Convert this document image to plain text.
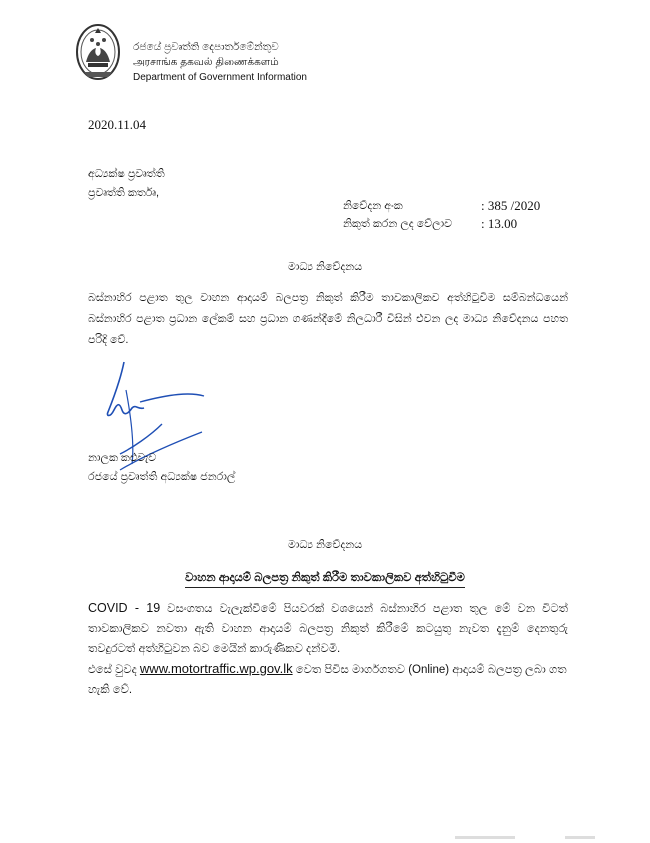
රජයේ ප්‍රවෘත්ති දෙපාර්තමේන්තුව
அரசாங்க தகவல் திணைக்களம்
Department of Government Information
2020.11.04
අධ්‍යක්ෂ ප්‍රවෘත්ති
ප්‍රවෘත්ති කර්තෘ,
නිවේදන අංක	: 385 /2020
නිකුත් කරන ලද වේලාව	: 13.00
මාධ්‍ය නිවේදනය
බස්නාහිර පළාත තුල වාහන ආදායම් බලපත්‍ර නිකුත් කිරීම තාවකාලිකව අත්හිටුවීම සම්බන්ධයෙන් බස්නාහිර පළාත ප්‍රධාන ලේකම් සහ ප්‍රධාන ගණන්දීමේ නිලධාරී විසින් එවන ලද මාධ්‍ය නිවේදනය පහත පරිදි වේ.
නාලක කළුවැව
රජයේ ප්‍රවෘත්ති අධ්‍යක්ෂ ජනරාල්
මාධ්‍ය නිවේදනය
වාහන ආදායම් බලපත්‍ර නිකුත් කිරීම තාවකාලිකව අත්හිටුවීම
COVID - 19 වසංගතය වැලැක්වීමේ පියවරක් වශයෙන් බස්නාහිර පළාත තුල මේ වන විටත් තාවකාලිකව නවතා ඇති වාහන ආදායම් බලපත්‍ර නිකුත් කිරීමේ කටයුතු නැවත දැනුම් දෙනතුරු තවදුරටත් අත්හිටුවන බව මෙයින් කාරුණිකව දන්වමි.
එසේ වුවද www.motortraffic.wp.gov.lk වෙත පිවිස මාර්ගගතව (Online) ආදායම් බලපත්‍ර ලබා ගත හැකි වේ.
